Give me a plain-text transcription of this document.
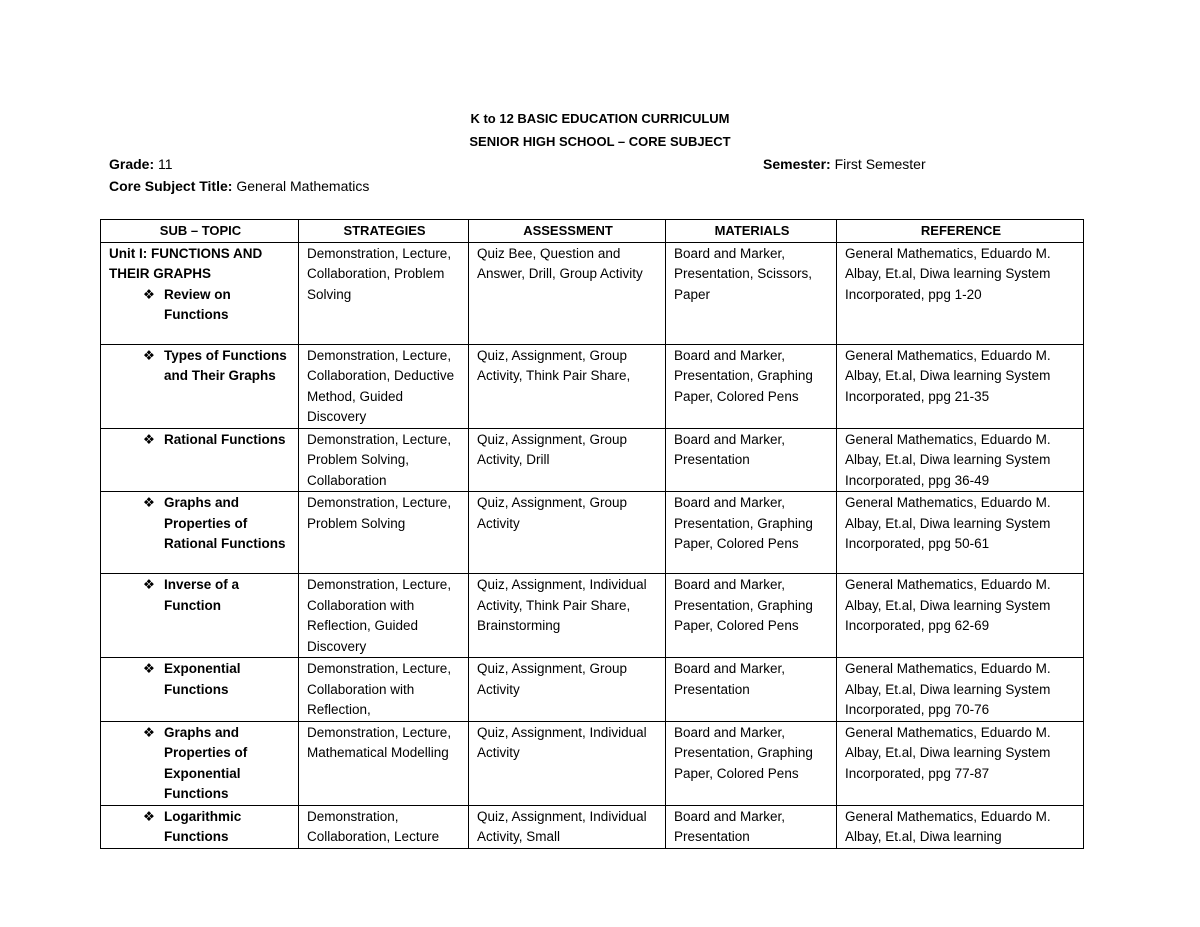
K to 12 BASIC EDUCATION CURRICULUM
SENIOR HIGH SCHOOL – CORE SUBJECT
Grade: 11	Semester: First Semester
Core Subject Title: General Mathematics
SUB – TOPIC	STRATEGIES	ASSESSMENT	MATERIALS	REFERENCE

Unit I: FUNCTIONS AND THEIR GRAPHS
❖ Review on Functions	Demonstration, Lecture, Collaboration, Problem Solving	Quiz Bee, Question and Answer, Drill, Group Activity	Board and Marker, Presentation, Scissors, Paper	General Mathematics, Eduardo M. Albay, Et.al, Diwa learning System Incorporated, ppg 1-20

❖ Types of Functions and Their Graphs	Demonstration, Lecture, Collaboration, Deductive Method, Guided Discovery	Quiz, Assignment, Group Activity, Think Pair Share,	Board and Marker, Presentation, Graphing Paper, Colored Pens	General Mathematics, Eduardo M. Albay, Et.al, Diwa learning System Incorporated, ppg 21-35

❖ Rational Functions	Demonstration, Lecture, Problem Solving, Collaboration	Quiz, Assignment, Group Activity, Drill	Board and Marker, Presentation	General Mathematics, Eduardo M. Albay, Et.al, Diwa learning System Incorporated, ppg 36-49

❖ Graphs and Properties of Rational Functions	Demonstration, Lecture, Problem Solving	Quiz, Assignment, Group Activity	Board and Marker, Presentation, Graphing Paper, Colored Pens	General Mathematics, Eduardo M. Albay, Et.al, Diwa learning System Incorporated, ppg 50-61

❖ Inverse of a Function	Demonstration, Lecture, Collaboration with Reflection, Guided Discovery	Quiz, Assignment, Individual Activity, Think Pair Share, Brainstorming	Board and Marker, Presentation, Graphing Paper, Colored Pens	General Mathematics, Eduardo M. Albay, Et.al, Diwa learning System Incorporated, ppg 62-69

❖ Exponential Functions	Demonstration, Lecture, Collaboration with Reflection,	Quiz, Assignment, Group Activity	Board and Marker, Presentation	General Mathematics, Eduardo M. Albay, Et.al, Diwa learning System Incorporated, ppg 70-76

❖ Graphs and Properties of Exponential Functions	Demonstration, Lecture, Mathematical Modelling	Quiz, Assignment, Individual Activity	Board and Marker, Presentation, Graphing Paper, Colored Pens	General Mathematics, Eduardo M. Albay, Et.al, Diwa learning System Incorporated, ppg 77-87

❖ Logarithmic Functions	Demonstration, Collaboration, Lecture	Quiz, Assignment, Individual Activity, Small	Board and Marker, Presentation	General Mathematics, Eduardo M. Albay, Et.al, Diwa learning
